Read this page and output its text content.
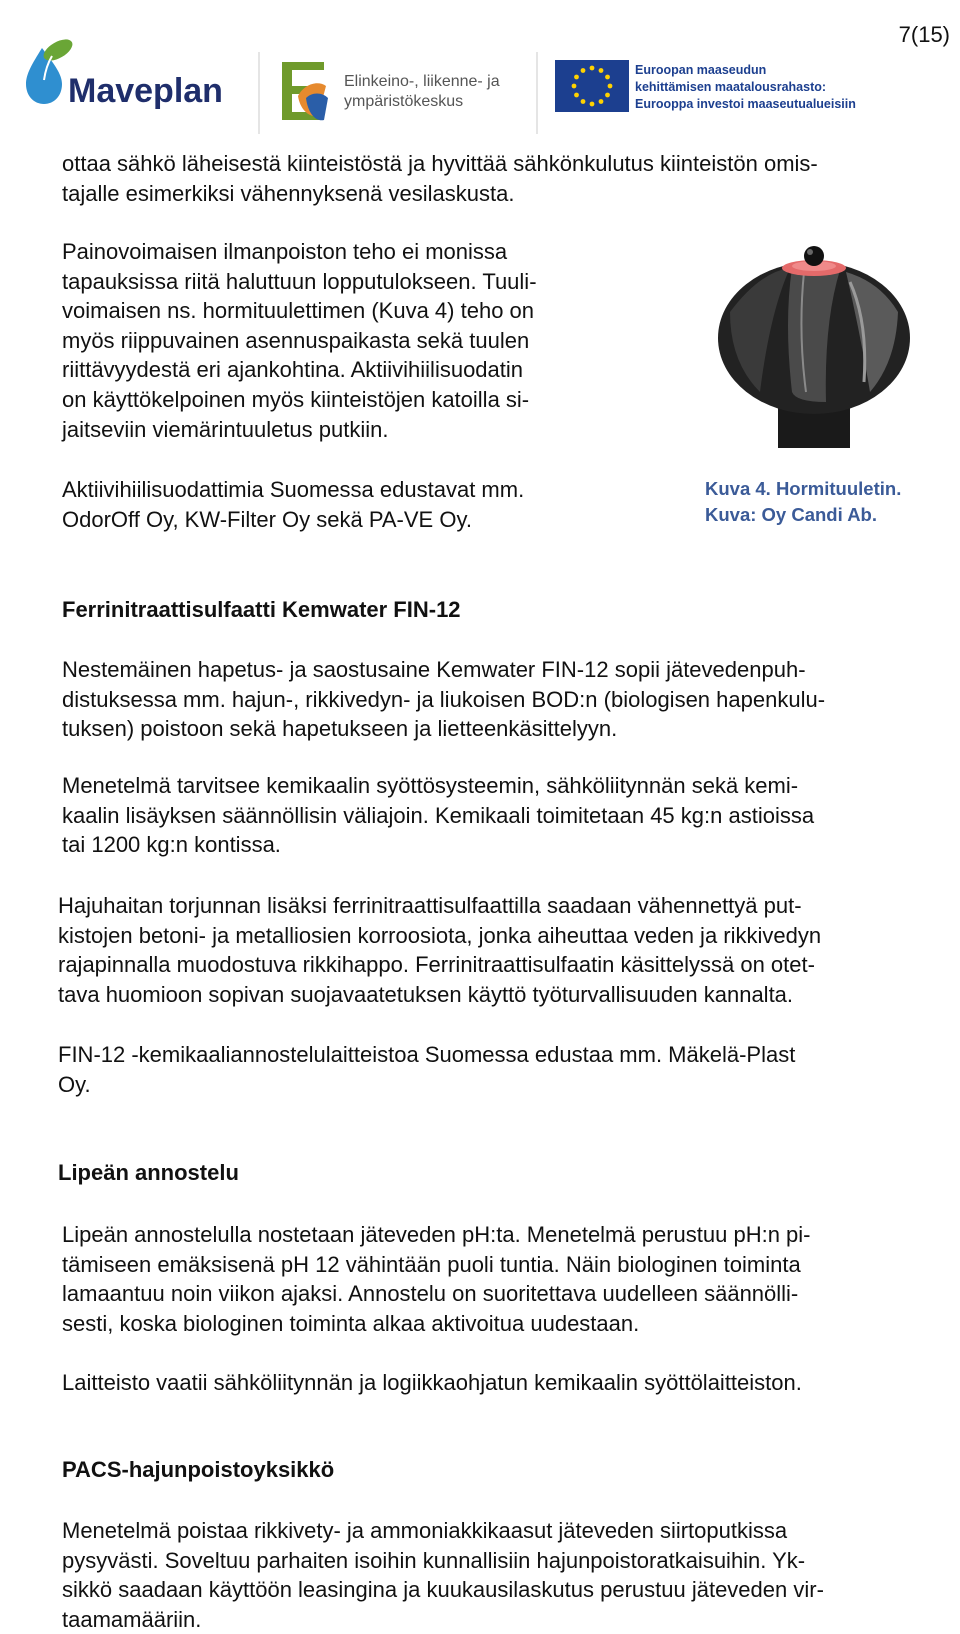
7(15)
Maveplan	Elinkeino-, liikenne- ja
ympäristökeskus
Euroopan maaseudun
kehittämisen maatalousrahasto:
Eurooppa investoi maaseutualueisiin
ottaa sähkö läheisestä kiinteistöstä ja hyvittää sähkönkulutus kiinteistön omis-
tajalle esimerkiksi vähennyksenä vesilaskusta.
Painovoimaisen ilmanpoiston teho ei monissa
tapauksissa riitä haluttuun lopputulokseen. Tuuli-
voimaisen ns. hormituulettimen (Kuva 4) teho on
myös riippuvainen asennuspaikasta sekä tuulen
riittävyydestä eri ajankohtina. Aktiivihiilisuodatin
on käyttökelpoinen myös kiinteistöjen katoilla si-
jaitseviin viemärintuuletus putkiin.
Aktiivihiilisuodattimia Suomessa edustavat mm.
OdorOff Oy, KW-Filter Oy sekä PA-VE Oy.
Kuva 4. Hormituuletin.
Kuva: Oy Candi Ab.
Ferrinitraattisulfaatti Kemwater FIN-12
Nestemäinen hapetus- ja saostusaine Kemwater FIN-12 sopii jätevedenpuh-
distuksessa mm. hajun-, rikkivedyn- ja liukoisen BOD:n (biologisen hapenkulu-
tuksen) poistoon sekä hapetukseen ja lietteenkäsittelyyn.
Menetelmä tarvitsee kemikaalin syöttösysteemin, sähköliitynnän sekä kemi-
kaalin lisäyksen säännöllisin väliajoin. Kemikaali toimitetaan 45 kg:n astioissa
tai 1200 kg:n kontissa.
Hajuhaitan torjunnan lisäksi ferrinitraattisulfaattilla saadaan vähennettyä put-
kistojen betoni- ja metalliosien korroosiota, jonka aiheuttaa veden ja rikkivedyn
rajapinnalla muodostuva rikkihappo. Ferrinitraattisulfaatin käsittelyssä on otet-
tava huomioon sopivan suojavaatetuksen käyttö työturvallisuuden kannalta.
FIN-12 -kemikaaliannostelulaitteistoa Suomessa edustaa mm. Mäkelä-Plast
Oy.
Lipeän annostelu
Lipeän annostelulla nostetaan jäteveden pH:ta. Menetelmä perustuu pH:n pi-
tämiseen emäksisenä pH 12 vähintään puoli tuntia. Näin biologinen toiminta
lamaantuu noin viikon ajaksi. Annostelu on suoritettava uudelleen säännölli-
sesti, koska biologinen toiminta alkaa aktivoitua uudestaan.
Laitteisto vaatii sähköliitynnän ja logiikkaohjatun kemikaalin syöttölaitteiston.
PACS-hajunpoistoyksikkö
Menetelmä poistaa rikkivety- ja ammoniakkikaasut jäteveden siirtoputkissa
pysyvästi. Soveltuu parhaiten isoihin kunnallisiin hajunpoistoratkaisuihin. Yk-
sikkö saadaan käyttöön leasingina ja kuukausilaskutus perustuu jäteveden vir-
taamamääriin.
